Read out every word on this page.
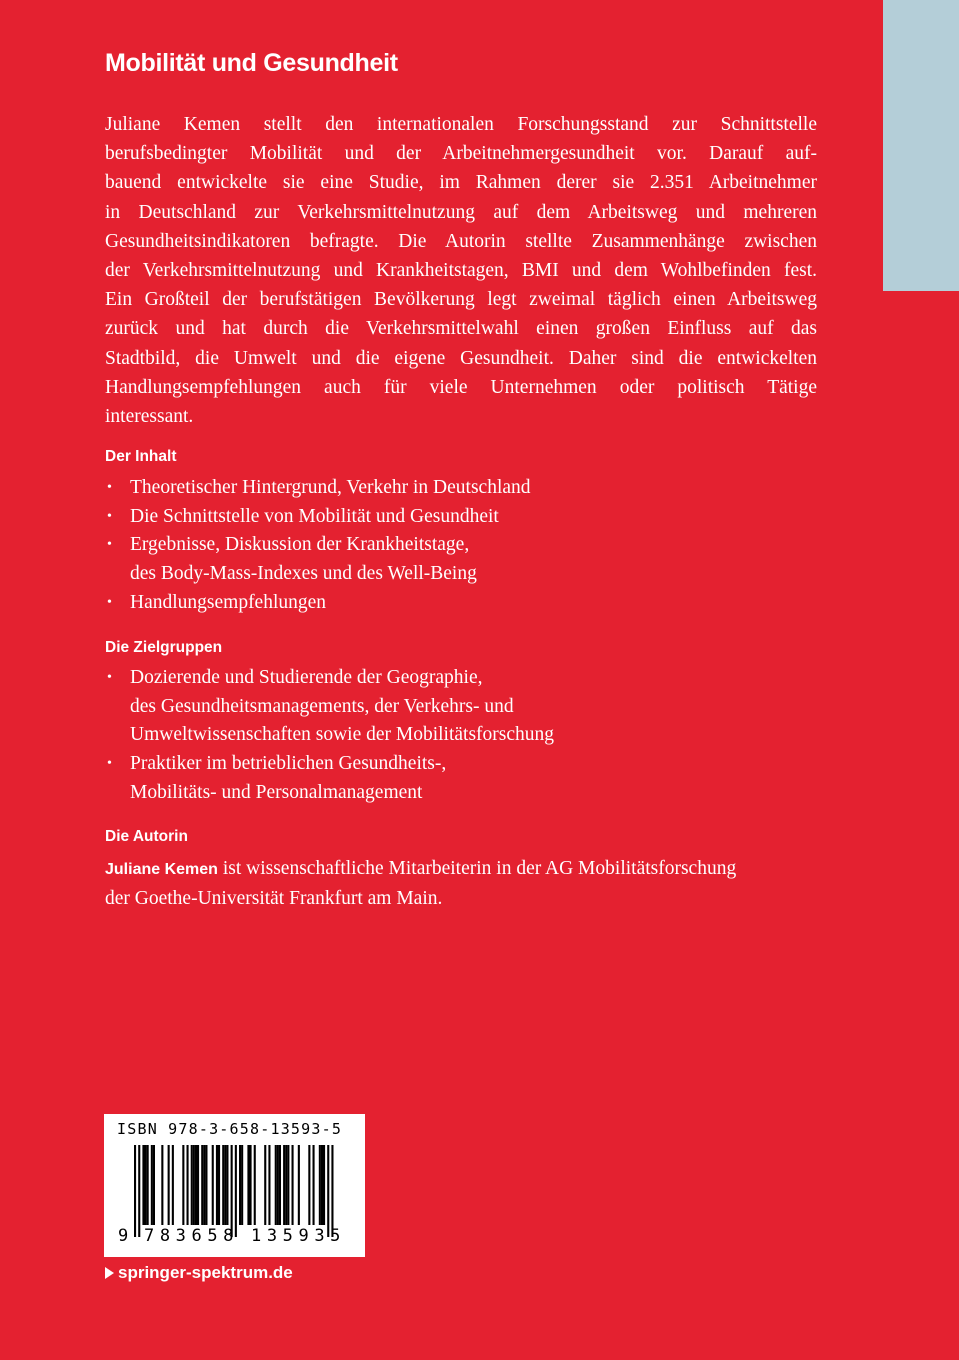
Mobilität und Gesundheit

Juliane Kemen stellt den internationalen Forschungsstand zur Schnittstelle
berufsbedingter Mobilität und der Arbeitnehmergesundheit vor. Darauf auf-
bauend entwickelte sie eine Studie, im Rahmen derer sie 2.351 Arbeitnehmer
in Deutschland zur Verkehrsmittelnutzung auf dem Arbeitsweg und mehreren
Gesundheitsindikatoren befragte. Die Autorin stellte Zusammenhänge zwischen
der Verkehrsmittelnutzung und Krankheitstagen, BMI und dem Wohlbefinden fest.
Ein Großteil der berufstätigen Bevölkerung legt zweimal täglich einen Arbeitsweg
zurück und hat durch die Verkehrsmittelwahl einen großen Einfluss auf das
Stadtbild, die Umwelt und die eigene Gesundheit. Daher sind die entwickelten
Handlungsempfehlungen auch für viele Unternehmen oder politisch Tätige
interessant.

Der Inhalt
• Theoretischer Hintergrund, Verkehr in Deutschland
• Die Schnittstelle von Mobilität und Gesundheit
• Ergebnisse, Diskussion der Krankheitstage,
des Body-Mass-Indexes und des Well-Being
• Handlungsempfehlungen
Die Zielgruppen
• Dozierende und Studierende der Geographie,
des Gesundheitsmanagements, der Verkehrs- und
Umweltwissenschaften sowie der Mobilitätsforschung
• Praktiker im betrieblichen Gesundheits-,
Mobilitäts- und Personalmanagement
Die Autorin

Juliane Kemen ist wissenschaftliche Mitarbeiterin in der AG Mobilitätsforschung
der Goethe-Universität Frankfurt am Main.

ISBN 978-3-658-13593-5
9 783658 135935
springer-spektrum.de
